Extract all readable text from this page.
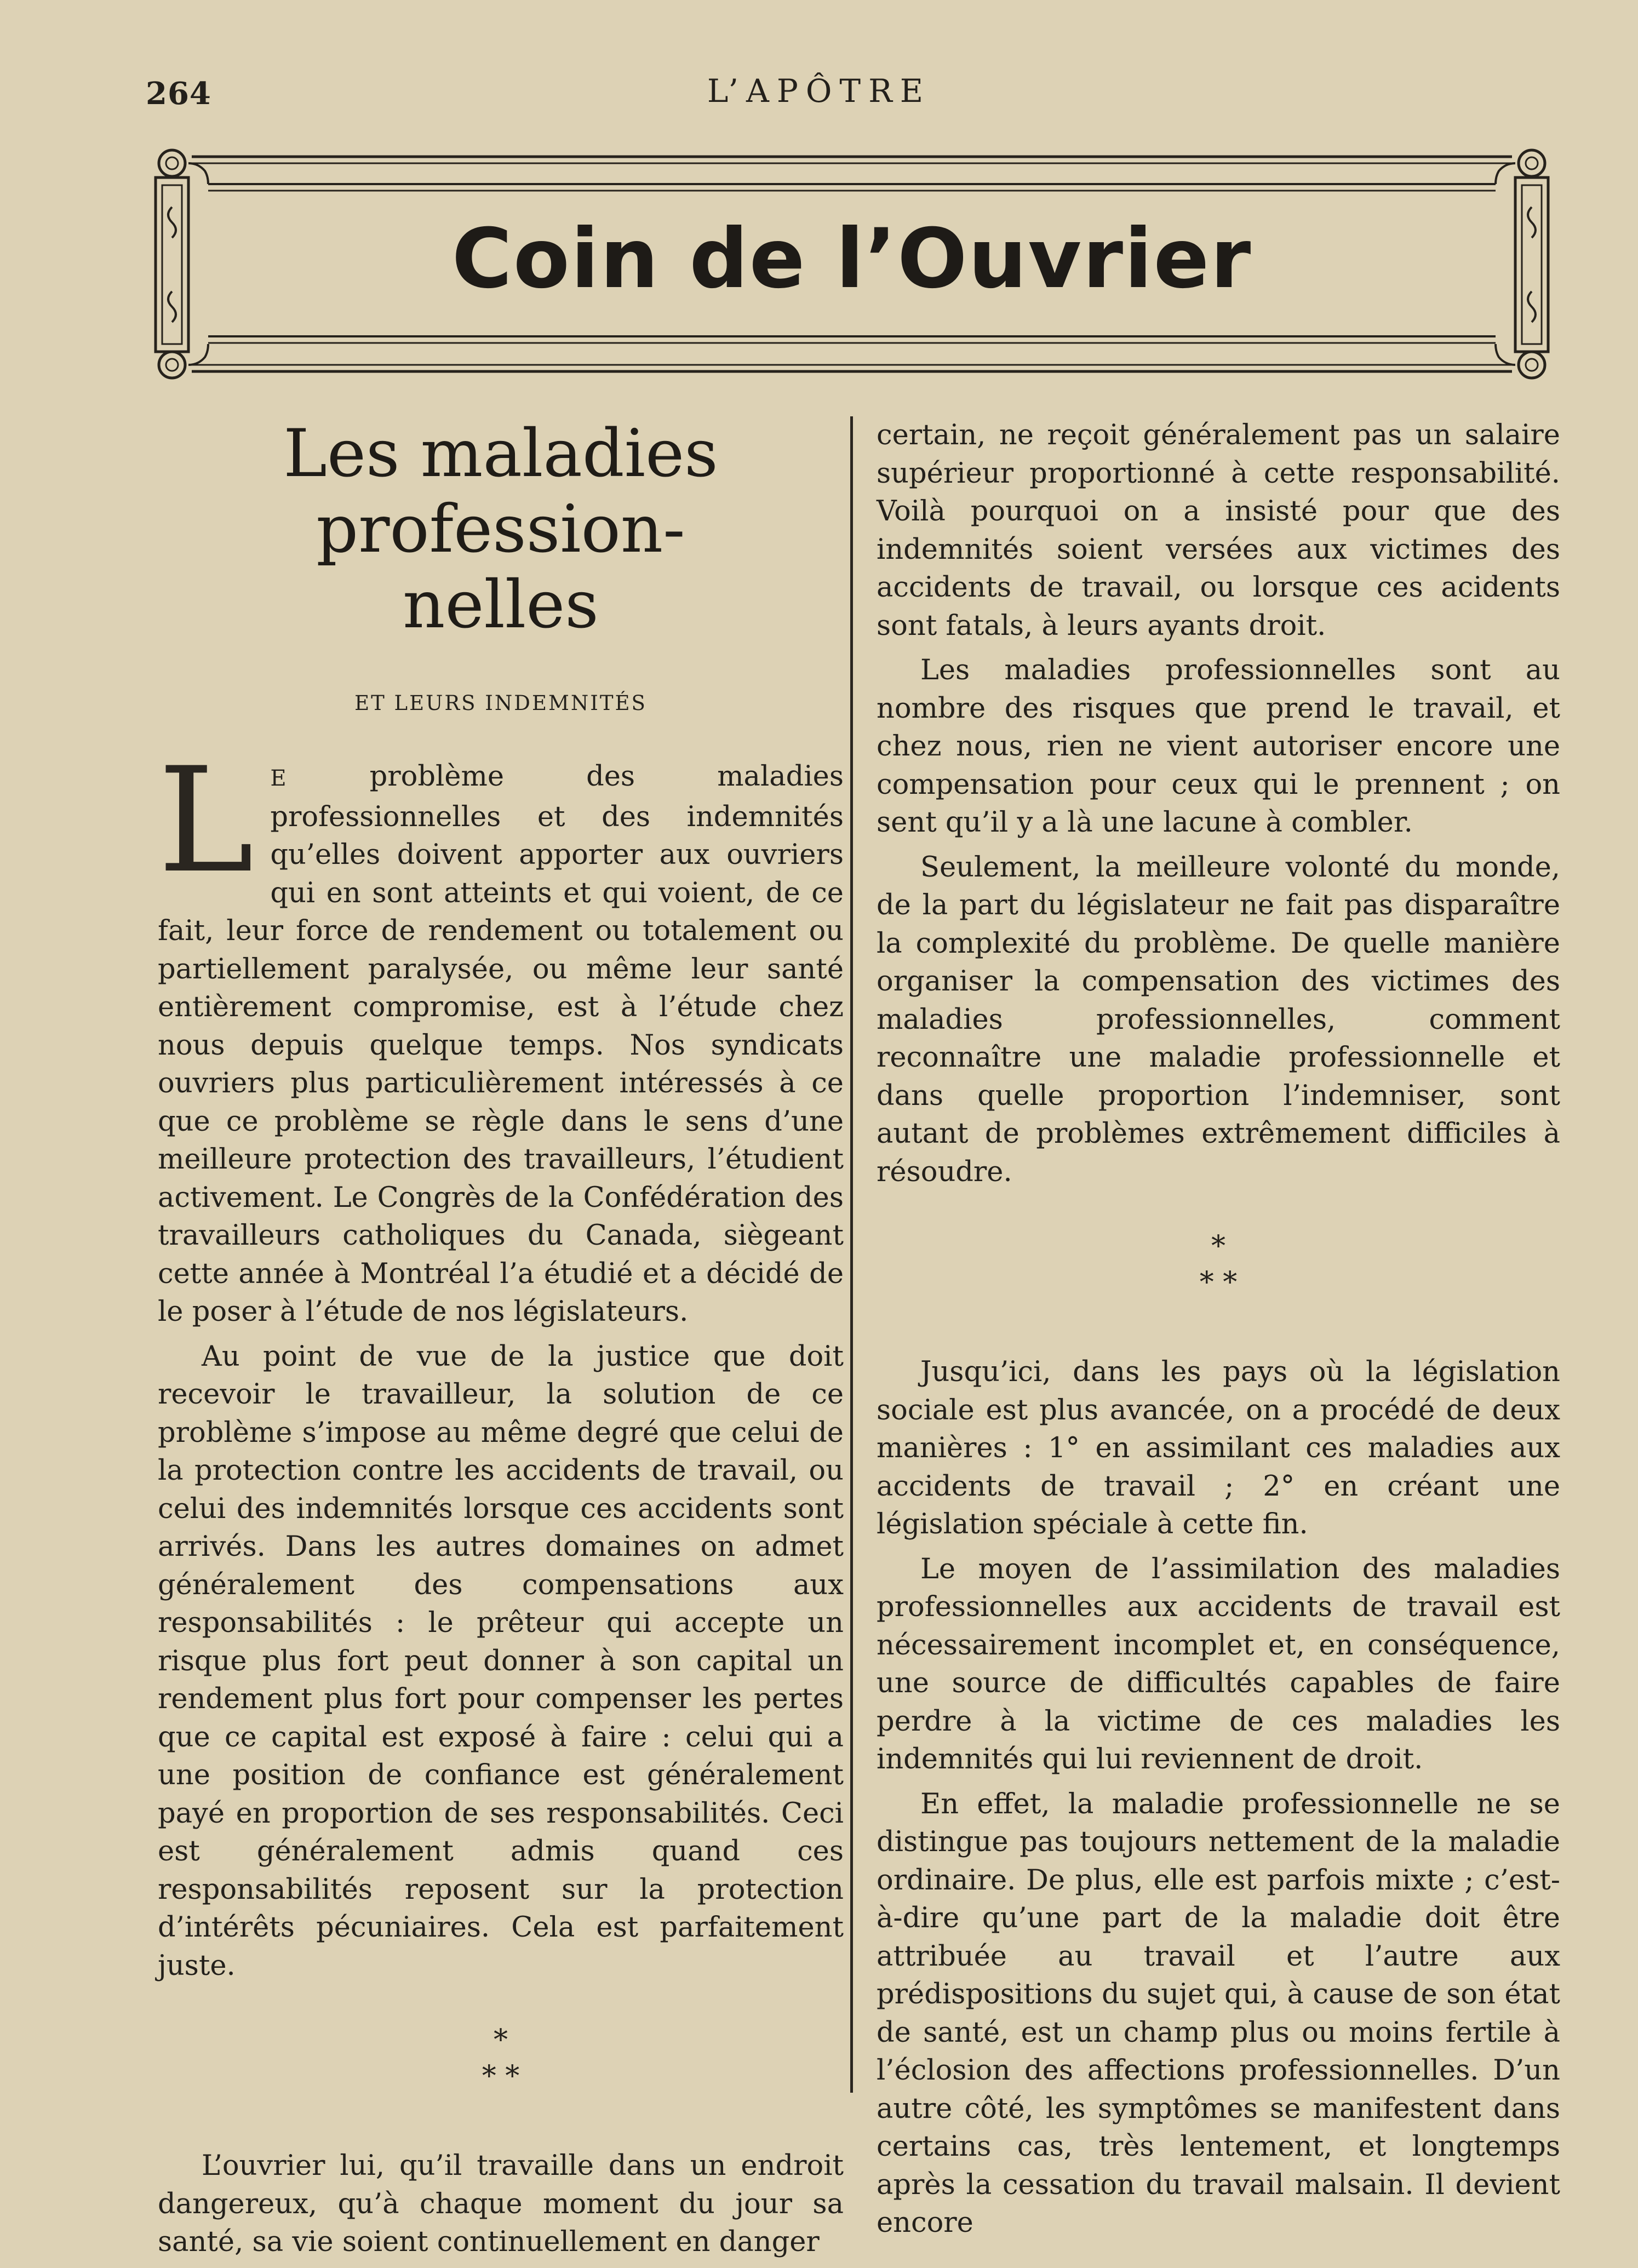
264	L’APÔTRE
Coin de l’Ouvrier
Les maladies profession-
nelles
ET LEURS INDEMNITÉS

L E	problème des maladies professionnelles et des indemnités qu’elles doivent apporter aux ouvriers qui en sont atteints et qui voient, de ce fait, leur force de rendement ou totalement ou partiellement paralysée, ou même leur santé entièrement compromise, est à l’étude chez nous depuis quelque temps. Nos syndicats ouvriers plus particulièrement intéressés à ce que ce problème se règle dans le sens d’une meilleure protection des travailleurs, l’étudient activement. Le Congrès de la Confédération des travailleurs catholiques du Canada, siègeant cette année à Montréal l’a étudié et a décidé de le poser à l’étude de nos législateurs.

Au point de vue de la justice que doit recevoir le travailleur, la solution de ce problème s’impose au même degré que celui de la protection contre les accidents de travail, ou celui des indemnités lorsque ces accidents sont arrivés. Dans les autres domaines on admet généralement des compensations aux responsabilités : le prêteur qui accepte un risque plus fort peut donner à son capital un rendement plus fort pour compenser les pertes que ce capital est exposé à faire : celui qui a une position de confiance est généralement payé en proportion de ses responsabilités. Ceci est généralement admis quand ces responsabilités reposent sur la protection d’intérêts pécuniaires. Cela est parfaitement juste.

*
* *

L’ouvrier lui, qu’il travaille dans un endroit dangereux, qu’à chaque moment du jour sa santé, sa vie soient continuellement en danger

certain, ne reçoit généralement pas un salaire supérieur proportionné à cette responsabilité. Voilà pourquoi on a insisté pour que des indemnités soient versées aux victimes des accidents de travail, ou lorsque ces acidents sont fatals, à leurs ayants droit.

Les maladies professionnelles sont au nombre des risques que prend le travail, et chez nous, rien ne vient autoriser encore une compensation pour ceux qui le prennent ; on sent qu’il y a là une lacune à combler.

Seulement, la meilleure volonté du monde, de la part du législateur ne fait pas disparaître la complexité du problème. De quelle manière organiser la compensation des victimes des maladies professionnelles, comment reconnaître une maladie professionnelle et dans quelle proportion l’indemniser, sont autant de problèmes extrêmement difficiles à résoudre.

*
* *

Jusqu’ici, dans les pays où la législation sociale est plus avancée, on a procédé de deux manières : 1° en assimilant ces maladies aux accidents de travail ; 2° en créant une législation spéciale à cette fin.

Le moyen de l’assimilation des maladies professionnelles aux accidents de travail est nécessairement incomplet et, en conséquence, une source de difficultés capables de faire perdre à la victime de ces maladies les indemnités qui lui reviennent de droit.

En effet, la maladie professionnelle ne se distingue pas toujours nettement de la maladie ordinaire. De plus, elle est parfois mixte ; c’est-à-dire qu’une part de la maladie doit être attribuée au travail et l’autre aux prédispositions du sujet qui, à cause de son état de santé, est un champ plus ou moins fertile à l’éclosion des affections professionnelles. D’un autre côté, les symptômes se manifestent dans certains cas, très lentement, et longtemps après la cessation du travail malsain. Il devient encore
